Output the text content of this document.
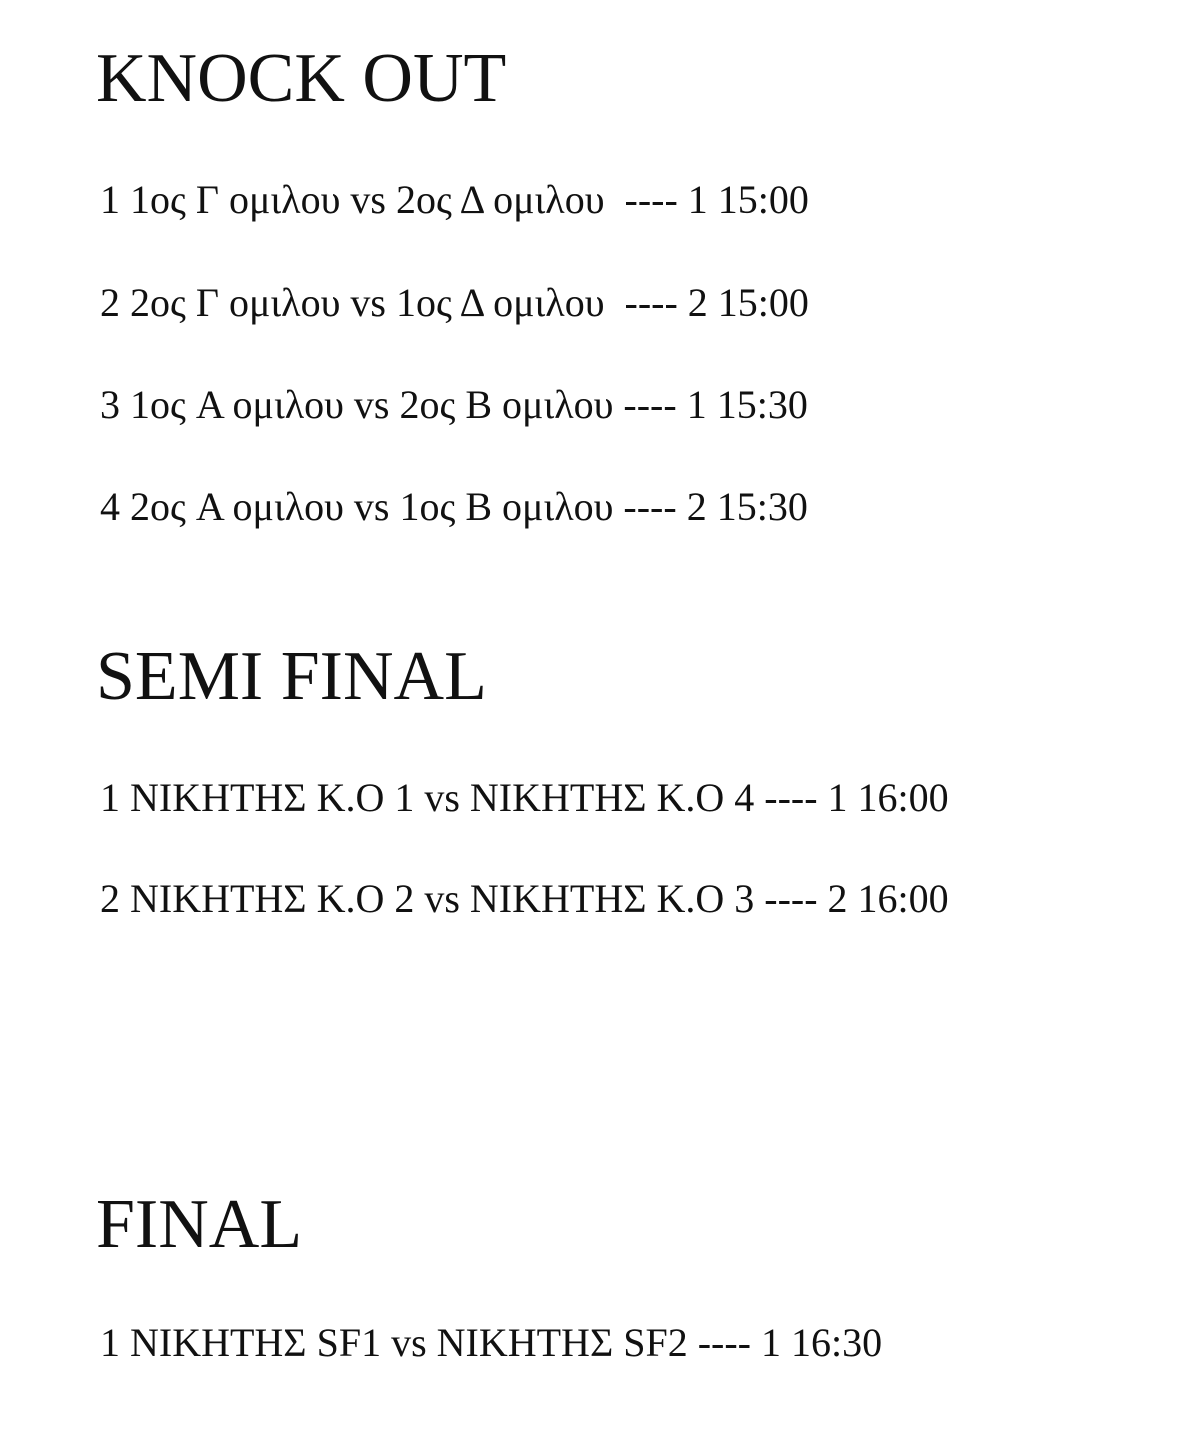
KNOCK OUT

1 1ος Γ ομιλου vs 2ος Δ ομιλου  ---- 1 15:00

2 2ος Γ ομιλου vs 1ος Δ ομιλου  ---- 2 15:00

3 1ος A ομιλου vs 2ος B ομιλου ---- 1 15:30

4 2ος A ομιλου vs 1ος B ομιλου ---- 2 15:30

SEMI FINAL

1 ΝΙΚΗΤΗΣ Κ.Ο 1 vs ΝΙΚΗΤΗΣ Κ.Ο 4 ---- 1 16:00

2 ΝΙΚΗΤΗΣ Κ.Ο 2 vs ΝΙΚΗΤΗΣ Κ.Ο 3 ---- 2 16:00

FINAL

1 ΝΙΚΗΤΗΣ SF1 vs ΝΙΚΗΤΗΣ SF2 ---- 1 16:30
